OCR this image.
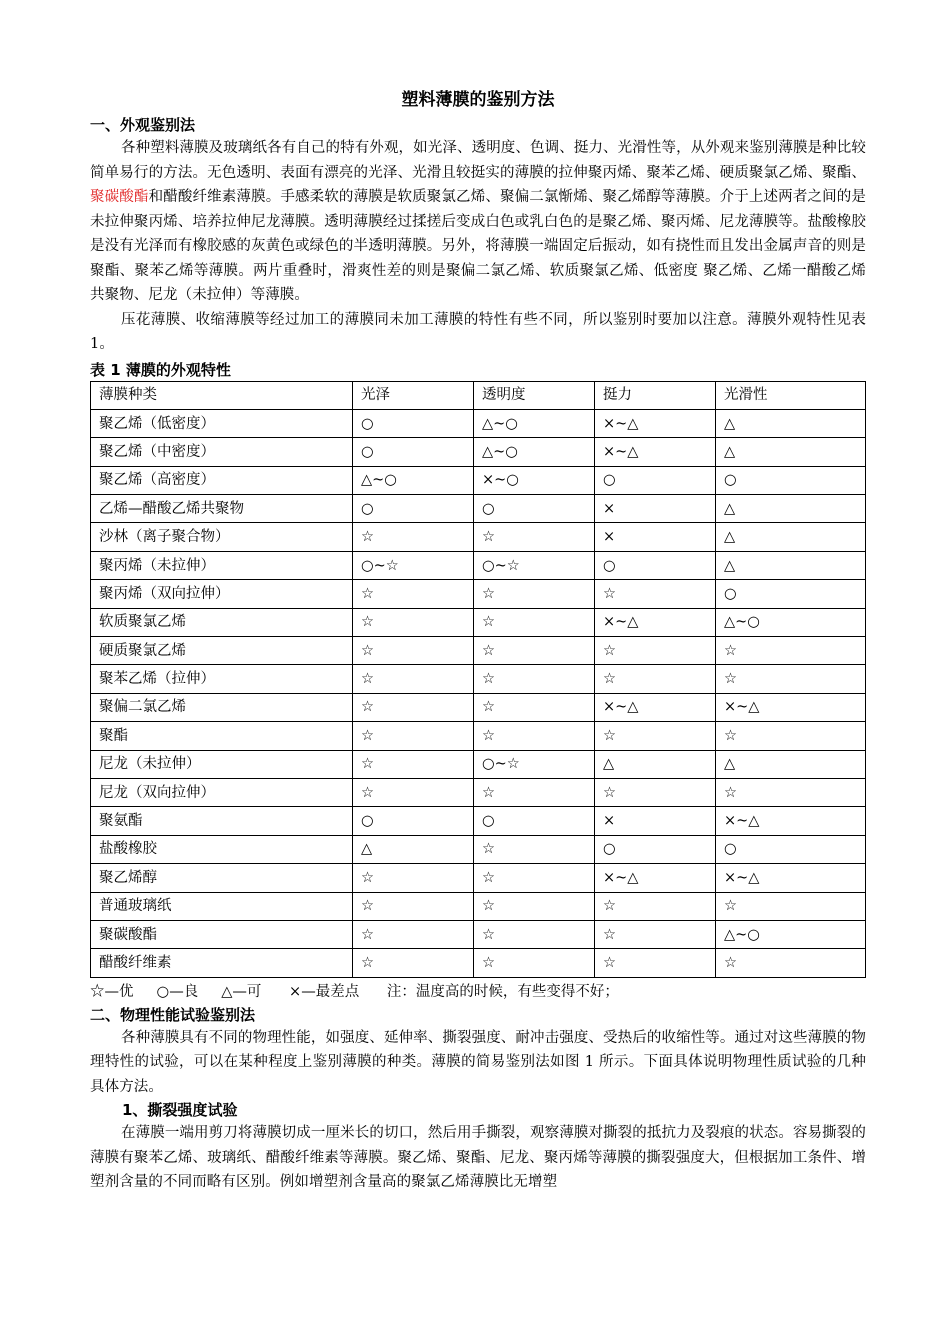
塑料薄膜的鉴别方法
一、外观鉴别法

各种塑料薄膜及玻璃纸各有自己的特有外观，如光泽、透明度、色调、挺力、光滑性等，从外观来鉴别薄膜是种比较简单易行的方法。无色透明、表面有漂亮的光泽、光滑且较挺实的薄膜的拉伸聚丙烯、聚苯乙烯、硬质聚氯乙烯、聚酯、聚碳酸酯和醋酸纤维素薄膜。手感柔软的薄膜是软质聚氯乙烯、聚偏二氯惭烯、聚乙烯醇等薄膜。介于上述两者之间的是未拉伸聚丙烯、培养拉伸尼龙薄膜。透明薄膜经过揉搓后变成白色或乳白色的是聚乙烯、聚丙烯、尼龙薄膜等。盐酸橡胶是没有光泽而有橡胶感的灰黄色或绿色的半透明薄膜。另外，将薄膜一端固定后振动，如有挠性而且发出金属声音的则是聚酯、聚苯乙烯等薄膜。两片重叠时，滑爽性差的则是聚偏二氯乙烯、软质聚氯乙烯、低密度 聚乙烯、乙烯一醋酸乙烯共聚物、尼龙（未拉伸）等薄膜。

压花薄膜、收缩薄膜等经过加工的薄膜同未加工薄膜的特性有些不同，所以鉴别时要加以注意。薄膜外观特性见表 1。

表 1 薄膜的外观特性
薄膜种类	光泽	透明度	挺力	光滑性
聚乙烯（低密度）	○	△~○	×~△	△
聚乙烯（中密度）	○	△~○	×~△	△
聚乙烯（高密度）	△~○	×~○	○	○
乙烯—醋酸乙烯共聚物	○	○	×	△
沙林（离子聚合物）	☆	☆	×	△
聚丙烯（未拉伸）	○~☆	○~☆	○	△
聚丙烯（双向拉伸）	☆	☆	☆	○
软质聚氯乙烯	☆	☆	×~△	△~○
硬质聚氯乙烯	☆	☆	☆	☆
聚苯乙烯（拉伸）	☆	☆	☆	☆
聚偏二氯乙烯	☆	☆	×~△	×~△
聚酯	☆	☆	☆	☆
尼龙（未拉伸）	☆	○~☆	△	△
尼龙（双向拉伸）	☆	☆	☆	☆
聚氨酯	○	○	×	×~△
盐酸橡胶	△	☆	○	○
聚乙烯醇	☆	☆	×~△	×~△
普通玻璃纸	☆	☆	☆	☆
聚碳酸酯	☆	☆	☆	△~○
醋酸纤维素	☆	☆	☆	☆
☆—优     ○—良     △—可      ×—最差点      注：温度高的时候，有些变得不好；
二、物理性能试验鉴别法

各种薄膜具有不同的物理性能，如强度、延伸率、撕裂强度、耐冲击强度、受热后的收缩性等。通过对这些薄膜的物理特性的试验，可以在某种程度上鉴别薄膜的种类。薄膜的简易鉴别法如图 1 所示。下面具体说明物理性质试验的几种具体方法。

1、撕裂强度试验

在薄膜一端用剪刀将薄膜切成一厘米长的切口，然后用手撕裂，观察薄膜对撕裂的抵抗力及裂痕的状态。容易撕裂的薄膜有聚苯乙烯、玻璃纸、醋酸纤维素等薄膜。聚乙烯、聚酯、尼龙、聚丙烯等薄膜的撕裂强度大，但根据加工条件、增塑剂含量的不同而略有区别。例如增塑剂含量高的聚氯乙烯薄膜比无增塑
